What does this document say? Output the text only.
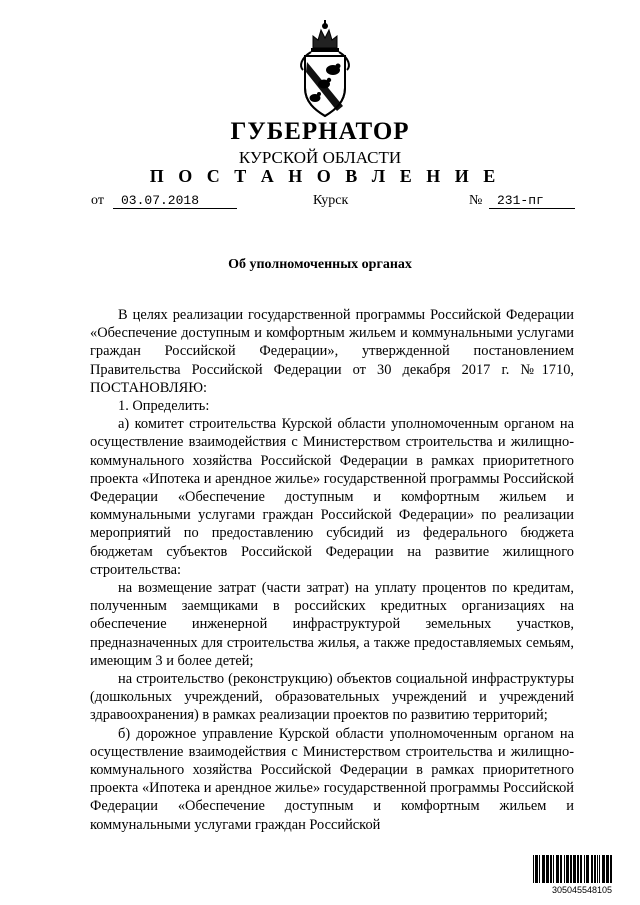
ГУБЕРНАТОР
КУРСКОЙ ОБЛАСТИ
П О С Т А Н О В Л Е Н И Е
от	03.07.2018	Курск	№	231-пг
Об уполномоченных органах

В целях реализации государственной программы Российской Федерации «Обеспечение доступным и комфортным жильем и коммунальными услугами граждан Российской Федерации», утвержденной постановлением Правительства Российской Федерации от 30 декабря 2017 г. №1710, ПОСТАНОВЛЯЮ:

1. Определить:

а) комитет строительства Курской области уполномоченным органом на осуществление взаимодействия с Министерством строительства и жилищно-коммунального хозяйства Российской Федерации в рамках приоритетного проекта «Ипотека и арендное жилье» государственной программы Российской Федерации «Обеспечение доступным и комфортным жильем и коммунальными услугами граждан Российской Федерации» по реализации мероприятий по предоставлению субсидий из федерального бюджета бюджетам субъектов Российской Федерации на развитие жилищного строительства:

на возмещение затрат (части затрат) на уплату процентов по кредитам, полученным заемщиками в российских кредитных организациях на обеспечение инженерной инфраструктурой земельных участков, предназначенных для строительства жилья, а также предоставляемых семьям, имеющим 3 и более детей;

на строительство (реконструкцию) объектов социальной инфраструктуры (дошкольных учреждений, образовательных учреждений и учреждений здравоохранения) в рамках реализации проектов по развитию территорий;

б) дорожное управление Курской области уполномоченным органом на осуществление взаимодействия с Министерством строительства и жилищно-коммунального хозяйства Российской Федерации в рамках приоритетного проекта «Ипотека и арендное жилье» государственной программы Российской Федерации «Обеспечение доступным и комфортным жильем и коммунальными услугами граждан Российской

305045548105
